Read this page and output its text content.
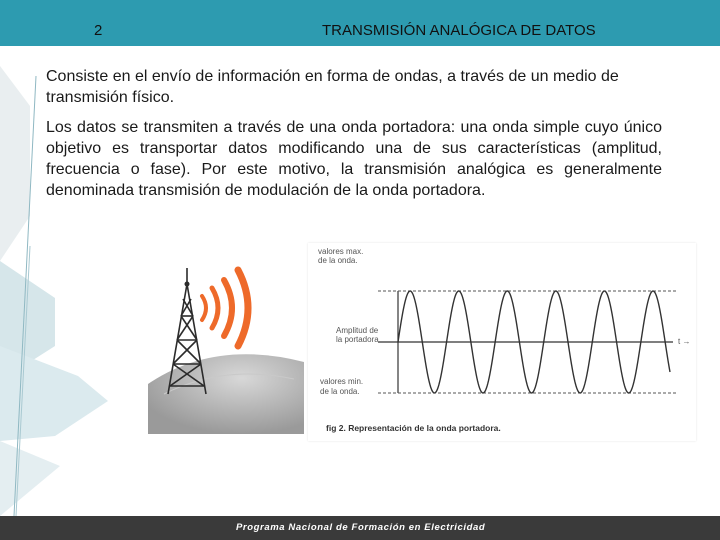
2	TRANSMISIÓN ANALÓGICA DE DATOS

Consiste en el envío de información en forma de ondas, a través de un medio de transmisión físico.

Los datos se transmiten a través de una onda portadora: una onda simple cuyo único objetivo es transportar datos modificando una de sus características (amplitud, frecuencia o fase). Por este motivo, la transmisión analógica es generalmente denominada transmisión de modulación de la onda portadora.

valores max.
de la onda.
Amplitud de
la portadora
valores min.
de la onda.
t →
fig 2. Representación de la onda portadora.
Programa Nacional de Formación en Electricidad
